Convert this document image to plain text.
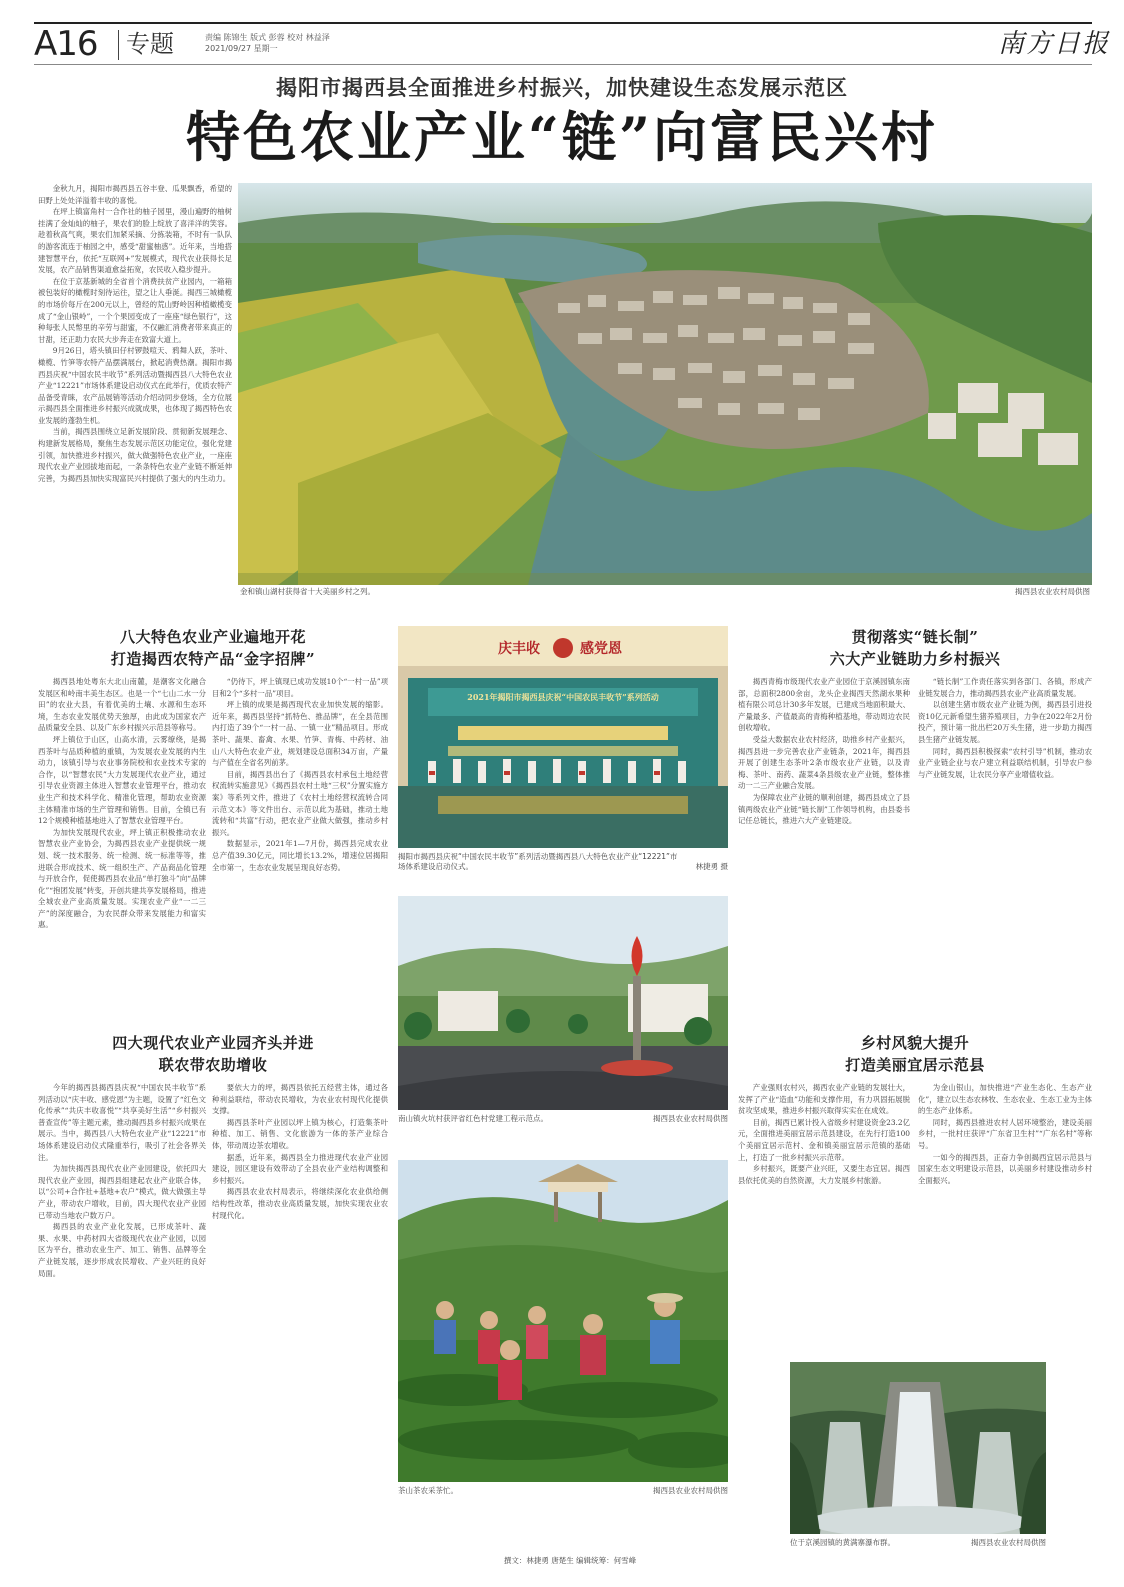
A16 专题	责编 陈锦生 版式 彭蓉 校对 林益泽
2021/09/27 星期一	南方日报
揭阳市揭西县全面推进乡村振兴，加快建设生态发展示范区
特色农业产业“链”向富民兴村

金秋九月，揭阳市揭西县五谷丰登、瓜果飘香，希望的田野上处处洋溢着丰收的喜悦。

在坪上镇富角村一合作社的柚子园里，漫山遍野的柚树挂满了金灿灿的柚子，果农们的脸上绽放了喜洋洋的笑容。趁着秋高气爽，果农们加紧采摘、分拣装箱，不时有一队队的游客流连于柚园之中，感受“甜蜜柚惑”。近年来，当地搭建智慧平台，依托“互联网+”发展模式，现代农业获得长足发展，农产品销售渠道愈益拓宽，农民收入稳步提升。

在位于京基新城的全省首个消费扶贫产业园内，一箱箱被包装好的橄榄时刻待运往，望之让人垂涎。揭西三城橄榄的市场价每斤在200元以上，曾经的荒山野岭因种植橄榄变成了“金山银岭”，一个个果园变成了一座座“绿色银行”，这种每张人民幣里的辛劳与甜蜜，不仅融汇消费者带来真正的甘甜，还正助力农民大步奔走在致富大道上。

9月26日，塔头镇田仔村锣鼓喧天、鸦舞人跃，茶叶、橄榄、竹笋等农特产品摆满展台，掀起消费热潮。揭阳市揭西县庆祝“中国农民丰收节”系列活动暨揭西县八大特色农业产业“12221”市场体系建设启动仪式在此举行，优质农特产品备受青睐，农产品展销等活动介绍动同步登场，全方位展示揭西县全面推进乡村振兴成就成果，也体现了揭西特色农业发展的蓬勃生机。

当前，揭西县围绕立足新发展阶段、贯彻新发展理念、构建新发展格局，聚焦生态发展示范区功能定位，强化党建引领，加快推进乡村振兴，做大做强特色农业产业，一座座现代农业产业园拔地而起，一条条特色农业产业链不断延伸完善，为揭西县加快实现富民兴村提供了强大的内生动力。

金和镇山湖村获得省十大美丽乡村之列。	揭西县农业农村局供图
八大特色农业产业遍地开花
打造揭西农特产品“金字招牌”

揭西县地处粤东大北山南麓，是潮客文化融合发展区和岭南丰美生态区。也是一个“七山二水一分田”的农业大县，有着优美的土壤、水源和生态环境，生态农业发展优势天独厚，由此成为国家农产品质量安全县、以及广东乡村振兴示范县等称号。

坪上镇位于山区，山高水清，云雾缭绕，是揭西茶叶与品质种植的重镇，为发展农业发展的内生动力，该镇引导与农业事务院校和农业技术专家的合作，以“智慧农民”大力发展现代农业产业，通过引导农业资源主体进入智慧农业管理平台，推动农业生产和技术科学化、精准化管理，帮助农业资源主体精准市场的生产管理和销售。目前，全镇已有12个规模种植基地进入了智慧农业管理平台。

为加快发展现代农业，坪上镇正积极推动农业智慧农业产业协会，为揭西县农业产业提供统一规划、统一技术服务、统一检测、统一标准等等，推进联合形成技术、统一组织生产、产品商品化管理与开放合作，促使揭西县农业品“单打独斗”向“品牌化”“抱团发展”转变，开创共建共享发展格局，推进全城农业产业高质量发展。实现农业产业“一二三产”的深度融合，为农民群众带来发展能力和富实惠。

“仍待下，坪上镇现已成功发展10个“一村一品”项目和2个“多村一品”项目。

坪上镇的成果是揭西现代农业加快发展的缩影。近年来，揭西县坚持“抓特色、推品牌”，在全县范围内打造了39个“一村一品、一镇一业”精品项目。形成茶叶、蔬果、畜禽、水果、竹笋、青梅、中药材、油山八大特色农业产业，规划建设总面积34万亩，产量与产值在全省名列前茅。

目前，揭西县出台了《揭西县农村承包土地经营权流转实施意见》《揭西县农村土地“三权”分置实施方案》等系列文件，推进了《农村土地经营权流转合同示范文本》等文件出台、示范以此为基础，推动土地流转和“共富”行动，把农业产业做大做强，推动乡村振兴。

数据显示，2021年1—7月份，揭西县完成农业总产值39.30亿元，同比增长13.2%，增速位居揭阳全市第一，生态农业发展呈现良好态势。

四大现代农业产业园齐头并进
联农带农助增收

今年的揭西县揭西县庆祝“中国农民丰收节”系列活动以“庆丰收、感党恩”为主题，设置了“红色文化传承”“共庆丰收喜悦”“共享美好生活”“乡村振兴普查宣传”等主题元素，推动揭西县乡村振兴成果在展示。当中，揭西县八大特色农业产业“12221”市场体系建设启动仪式隆重举行，吸引了社会各界关注。

为加快揭西县现代农业产业园建设，依托四大现代农业产业园，揭西县组建起农业产业联合体，以“公司+合作社+基地+农户”模式，做大做强主导产业，带动农户增收，目前，四大现代农业产业园已带动当地农户数万户。

揭西县的农业产业化发展，已形成茶叶、蔬果、水果、中药材四大省级现代农业产业园，以园区为平台，推动农业生产、加工、销售、品牌等全产业链发展，逐步形成农民增收、产业兴旺的良好局面。

要依大力的坪，揭西县依托五经营主体，通过各种利益联结，带动农民增收，为农业农村现代化提供支撑。

揭西县茶叶产业园以坪上镇为核心，打造集茶叶种植、加工、销售、文化旅游为一体的茶产业综合体，带动周边茶农增收。

据悉，近年来，揭西县全力推进现代农业产业园建设，园区建设有效带动了全县农业产业结构调整和乡村振兴。

揭西县农业农村局表示，将继续深化农业供给侧结构性改革，推动农业高质量发展，加快实现农业农村现代化。

庆丰收	感党恩
2021年揭阳市揭西县庆祝“中国农民丰收节”系列活动
揭阳市揭西县庆祝“中国农民丰收节”系列活动暨揭西县八大特色农业产业“12221”市场体系建设启动仪式。	林捷勇 摄
南山镇火坑村获评省红色村党建工程示范点。	揭西县农业农村局供图
茶山茶农采茶忙。	揭西县农业农村局供图
贯彻落实“链长制”
六大产业链助力乡村振兴

揭西青梅市级现代农业产业园位于京溪园镇东南部，总面积2800余亩，龙头企业揭西天然湖水果种植有限公司总计30多年发展，已建成当地面积最大、产量最多、产值最高的青梅种植基地，带动周边农民创收增收。

受益大数据农业农村经济，助推乡村产业振兴，揭西县进一步完善农业产业链条，2021年，揭西县开展了创建生态茶叶2条市级农业产业链，以及青梅、茶叶、南药、蔬菜4条县级农业产业链，整体推动一二三产业融合发展。

为保障农业产业链的顺利创建，揭西县成立了县镇两级农业产业链“链长制”工作领导机构，由县委书记任总链长，推进六大产业链建设。

“链长制”工作责任落实到各部门、各镇，形成产业链发展合力，推动揭西县农业产业高质量发展。

以创建生猪市级农业产业链为例，揭西县引进投资10亿元新希望生猪养殖项目，力争在2022年2月份投产，预计第一批出栏20万头生猪，进一步助力揭西县生猪产业链发展。

同时，揭西县积极探索“农村引导”机制，推动农业产业链企业与农户建立利益联结机制，引导农户参与产业链发展，让农民分享产业增值收益。

乡村风貌大提升
打造美丽宜居示范县

产业强则农村兴，揭西农业产业链的发展壮大，发挥了产业“造血”功能和支撑作用，有力巩固拓展脱贫攻坚成果，推进乡村振兴取得实实在在成效。

目前，揭西已累计投入省级乡村建设资金23.2亿元，全面推进美丽宜居示范县建设，在先行打造100个美丽宜居示范村、金和镇美丽宜居示范镇的基础上，打造了一批乡村振兴示范带。

乡村振兴，既要产业兴旺，又要生态宜居。揭西县依托优美的自然资源，大力发展乡村旅游。

为金山银山，加快推进“产业生态化、生态产业化”，建立以生态农林牧、生态农业、生态工业为主体的生态产业体系。

同时，揭西县推进农村人居环境整治，建设美丽乡村，一批村庄获评“广东省卫生村”“广东名村”等称号。

一如今的揭西县，正奋力争创揭西宜居示范县与国家生态文明建设示范县，以美丽乡村建设推动乡村全面振兴。

位于京溪园镇的黄满寨瀑布群。	揭西县农业农村局供图
撰文：林捷勇 唐楚生 编辑统筹：何雪峰
